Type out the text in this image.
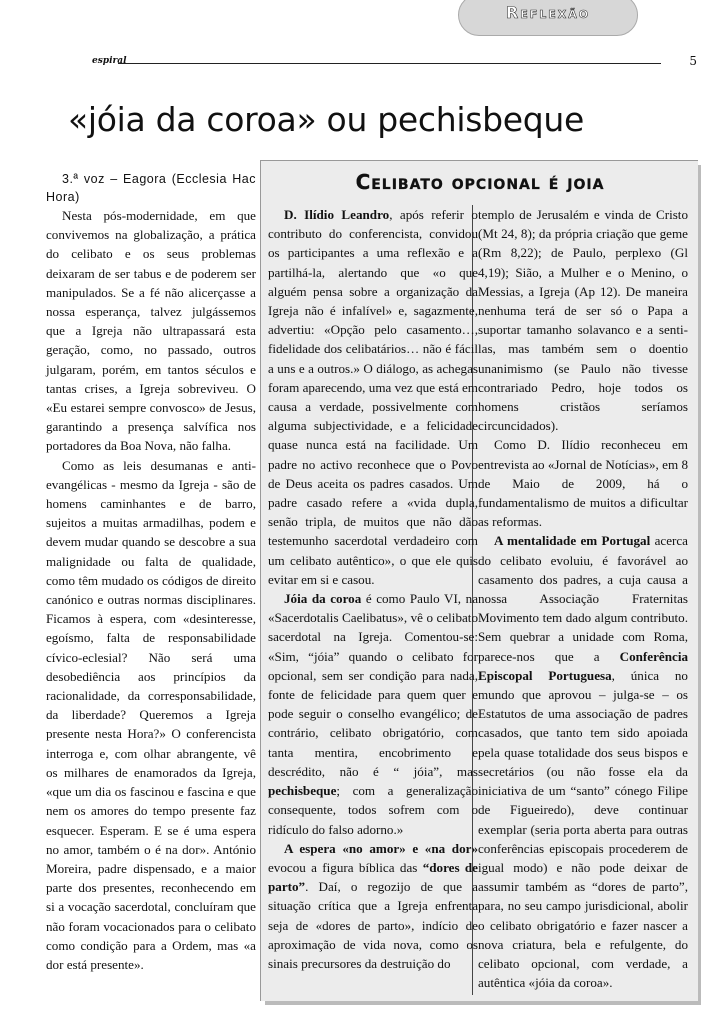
Reflexão
espiral	5
«jóia da coroa» ou pechisbeque

3.ª voz – Eagora (Ecclesia Hac Hora)

Nesta pós-modernidade, em que convivemos na globalização, a prática do celibato e os seus problemas deixaram de ser tabus e de poderem ser manipulados. Se a fé não alicerçasse a nossa esperança, talvez julgássemos que a Igreja não ultrapassará esta geração, como, no passado, outros julgaram, porém, em tantos séculos e tantas crises, a Igreja sobreviveu. O «Eu estarei sempre convosco» de Jesus, garantindo a presença salvífica nos portadores da Boa Nova, não falha.

Como as leis desumanas e anti-evangélicas - mesmo da Igreja - são de homens caminhantes e de barro, sujeitos a muitas armadilhas, podem e devem mudar quando se descobre a sua malignidade ou falta de qualidade, como têm mudado os códigos de direito canónico e outras normas disciplinares. Ficamos à espera, com «desinteresse, egoísmo, falta de responsabilidade cívico-eclesial? Não será uma desobediência aos princípios da racionalidade, da corresponsabilidade, da liberdade? Queremos a Igreja presente nesta Hora?» O conferencista interroga e, com olhar abrangente, vê os milhares de enamorados da Igreja, «que um dia os fascinou e fascina e que nem os amores do tempo presente faz esquecer. Esperam. E se é uma espera no amor, também o é na dor». António Moreira, padre dispensado, e a maior parte dos presentes, reconhecendo em si a vocação sacerdotal, concluíram que não foram vocacionados para o celibato como condição para a Ordem, mas «a dor está presente».

Celibato opcional é joia

D. Ilídio Leandro, após referir o contributo do conferencista, convidou os participantes a uma reflexão e a partilhá-la, alertando que «o que alguém pensa sobre a organização da Igreja não é infalível» e, sagazmente, advertiu: «Opção pelo casamento…, fidelidade dos celibatários… não é fácil a uns e a outros.» O diálogo, as achegas foram aparecendo, uma vez que está em causa a verdade, possivelmente com alguma subjectividade, e a felicidade quase nunca está na facilidade. Um padre no activo reconhece que o Povo de Deus aceita os padres casados. Um padre casado refere a «vida dupla, senão tripla, de muitos que não dão testemunho sacerdotal verdadeiro com um celibato autêntico», o que ele quis evitar em si e casou.

Jóia da coroa é como Paulo VI, na «Sacerdotalis Caelibatus», vê o celibato sacerdotal na Igreja. Comentou-se: «Sim, “jóia” quando o celibato for opcional, sem ser condição para nada, fonte de felicidade para quem quer e pode seguir o conselho evangélico; de contrário, celibato obrigatório, com tanta mentira, encobrimento e descrédito, não é “ jóia”, mas pechisbeque; com a generalização consequente, todos sofrem com o ridículo do falso adorno.»

A espera «no amor» e «na dor» evocou a figura bíblica das “dores de parto”. Daí, o regozijo de que a situação crítica que a Igreja enfrenta seja de «dores de parto», indício de aproximação de vida nova, como os sinais precursores da destruição do

templo de Jerusalém e vinda de Cristo (Mt 24, 8); da própria criação que geme (Rm 8,22); de Paulo, perplexo (Gl 4,19); Sião, a Mulher e o Menino, o Messias, a Igreja (Ap 12). De maneira nenhuma terá de ser só o Papa a suportar tamanho solavanco e a senti-las, mas também sem o doentio unanimismo (se Paulo não tivesse contrariado Pedro, hoje todos os homens cristãos seríamos circuncidados).

Como D. Ilídio reconheceu em entrevista ao «Jornal de Notícias», em 8 de Maio de 2009, há o fundamentalismo de muitos a dificultar as reformas.

A mentalidade em Portugal acerca do celibato evoluiu, é favorável ao casamento dos padres, a cuja causa a nossa Associação Fraternitas Movimento tem dado algum contributo. Sem quebrar a unidade com Roma, parece-nos que a Conferência Episcopal Portuguesa, única no mundo que aprovou – julga-se – os Estatutos de uma associação de padres casados, que tanto tem sido apoiada pela quase totalidade dos seus bispos e secretários (ou não fosse ela da iniciativa de um “santo” cónego Filipe de Figueiredo), deve continuar exemplar (seria porta aberta para outras conferências episcopais procederem de igual modo) e não pode deixar de assumir também as “dores de parto”, para, no seu campo jurisdicional, abolir o celibato obrigatório e fazer nascer a nova criatura, bela e refulgente, do celibato opcional, com verdade, a autêntica «jóia da coroa».
